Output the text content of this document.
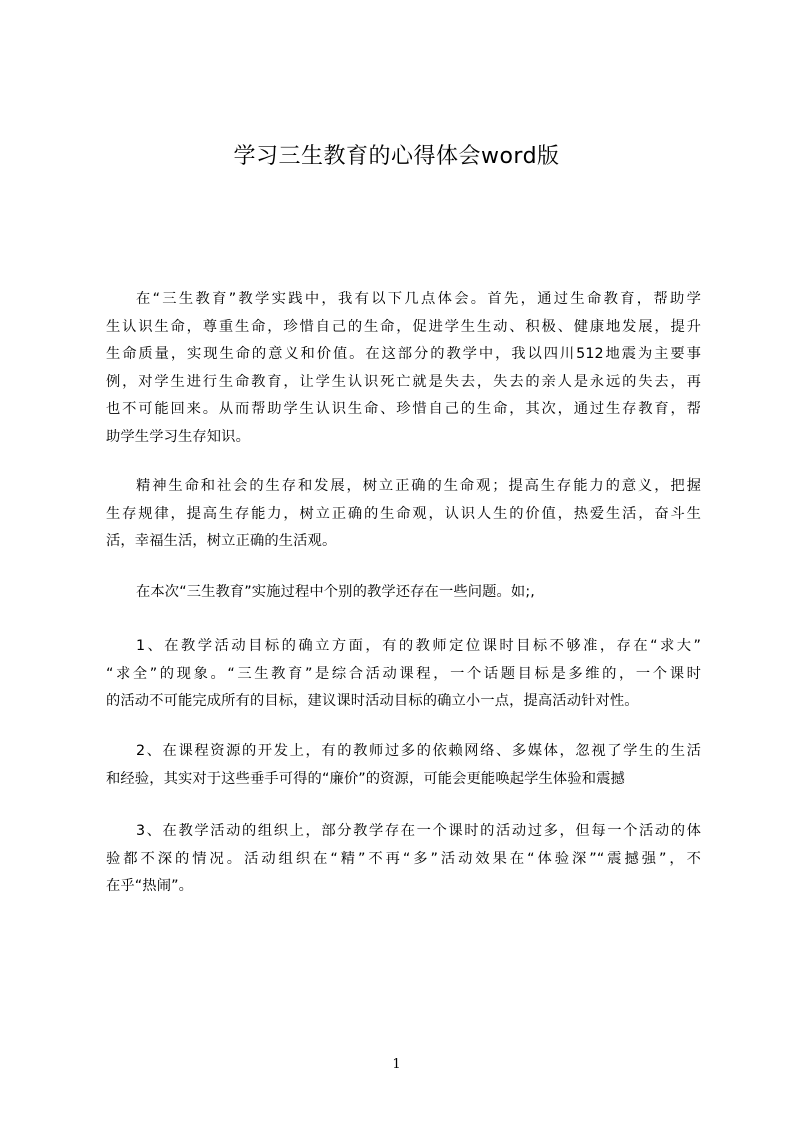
学习三生教育的心得体会word版
在“三生教育”教学实践中，我有以下几点体会。首先，通过生命教育，帮助学
生认识生命，尊重生命，珍惜自己的生命，促进学生生动、积极、健康地发展，提升
生命质量，实现生命的意义和价值。在这部分的教学中，我以四川512地震为主要事
例，对学生进行生命教育，让学生认识死亡就是失去，失去的亲人是永远的失去，再
也不可能回来。从而帮助学生认识生命、珍惜自己的生命，其次，通过生存教育，帮
助学生学习生存知识。
精神生命和社会的生存和发展，树立正确的生命观；提高生存能力的意义，把握
生存规律，提高生存能力，树立正确的生命观，认识人生的价值，热爱生活，奋斗生
活，幸福生活，树立正确的生活观。
在本次“三生教育”实施过程中个别的教学还存在一些问题。如;,
1、在教学活动目标的确立方面，有的教师定位课时目标不够准，存在“求大”
“求全”的现象。“三生教育”是综合活动课程，一个话题目标是多维的，一个课时
的活动不可能完成所有的目标，建议课时活动目标的确立小一点，提高活动针对性。
2、在课程资源的开发上，有的教师过多的依赖网络、多媒体，忽视了学生的生活
和经验，其实对于这些垂手可得的“廉价”的资源，可能会更能唤起学生体验和震撼
3、在教学活动的组织上，部分教学存在一个课时的活动过多，但每一个活动的体
验都不深的情况。活动组织在“精”不再“多”活动效果在“体验深”“震撼强”，不
在乎“热闹”。
1
